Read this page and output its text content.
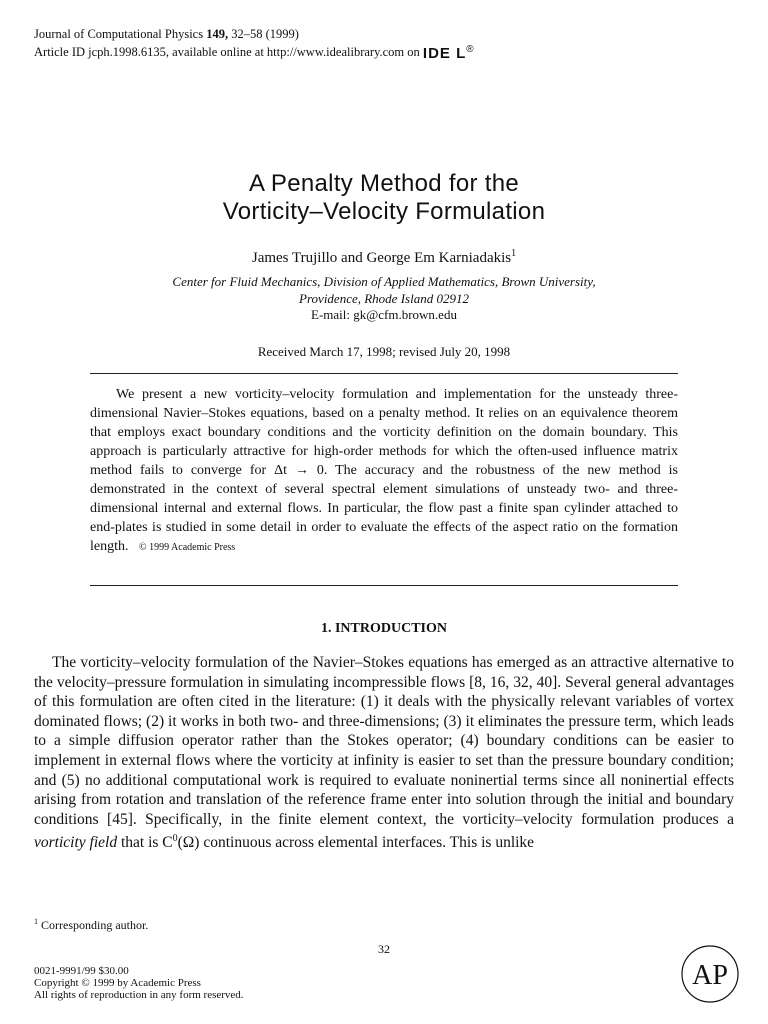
Journal of Computational Physics 149, 32–58 (1999)
Article ID jcph.1998.6135, available online at http://www.idealibrary.com on IDE L®
A Penalty Method for the
Vorticity–Velocity Formulation
James Trujillo and George Em Karniadakis$^1$
Center for Fluid Mechanics, Division of Applied Mathematics, Brown University,
Providence, Rhode Island 02912
E-mail: gk@cfm.brown.edu
Received March 17, 1998; revised July 20, 1998
We present a new vorticity–velocity formulation and implementation for the unsteady three-dimensional Navier–Stokes equations, based on a penalty method. It relies on an equivalence theorem that employs exact boundary conditions and the vorticity definition on the domain boundary. This approach is particularly attractive for high-order methods for which the often-used influence matrix method fails to converge for Δt → 0. The accuracy and the robustness of the new method is demonstrated in the context of several spectral element simulations of unsteady two- and three-dimensional internal and external flows. In particular, the flow past a finite span cylinder attached to end-plates is studied in some detail in order to evaluate the effects of the aspect ratio on the formation length. © 1999 Academic Press
1. INTRODUCTION
The vorticity–velocity formulation of the Navier–Stokes equations has emerged as an attractive alternative to the velocity–pressure formulation in simulating incompressible flows [8, 16, 32, 40]. Several general advantages of this formulation are often cited in the literature: (1) it deals with the physically relevant variables of vortex dominated flows; (2) it works in both two- and three-dimensions; (3) it eliminates the pressure term, which leads to a simple diffusion operator rather than the Stokes operator; (4) boundary conditions can be easier to implement in external flows where the vorticity at infinity is easier to set than the pressure boundary condition; and (5) no additional computational work is required to evaluate noninertial terms since all noninertial effects arising from rotation and translation of the reference frame enter into solution through the initial and boundary conditions [45]. Specifically, in the finite element context, the vorticity–velocity formulation produces a vorticity field that is $C^0(\Omega)$ continuous across elemental interfaces. This is unlike
$^1$ Corresponding author.
32
0021-9991/99 $30.00
Copyright © 1999 by Academic Press
All rights of reproduction in any form reserved.
AP
